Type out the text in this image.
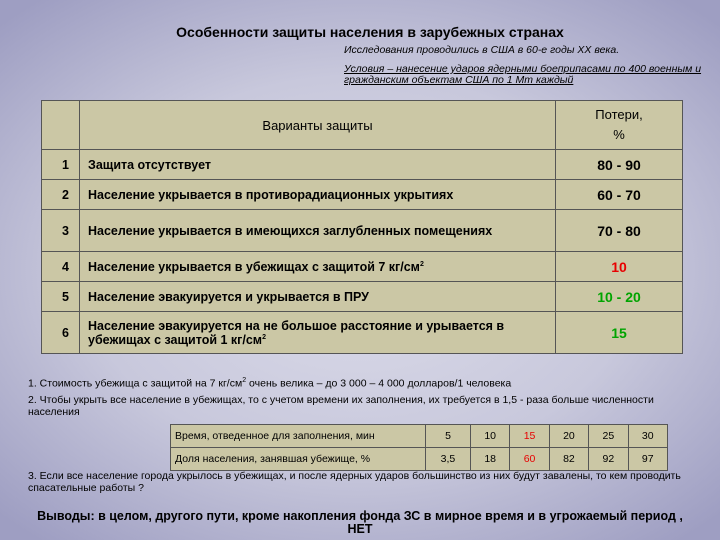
Особенности защиты населения в зарубежных странах
Исследования проводились в США в 60-е годы XX века.
Условия – нанесение ударов ядерными боеприпасами по 400 военным и гражданским объектам США по 1 Мт каждый
	Варианты защиты	Потери,
%
1	Защита отсутствует	80 - 90
2	Население укрывается в противорадиационных укрытиях	60 - 70
3	Население укрывается в имеющихся заглубленных помещениях	70 - 80
4	Население укрывается в убежищах с защитой 7 $кг/см^2$	10
5	Население эвакуируется и укрывается в ПРУ	10 - 20
6	Население эвакуируется на не большое расстояние и урывается в убежищах с защитой 1 $кг/см^2$	15
1. Стоимость убежища с защитой на 7 $кг/см^2$ очень велика – до 3 000 – 4 000 долларов/1 человека
2. Чтобы укрыть все население в убежищах, то с учетом времени их заполнения, их требуется в 1,5 - раза больше численности населения
Время, отведенное для заполнения, мин	5	10	15	20	25	30
Доля населения, занявшая убежище, %	3,5	18	60	82	92	97
3. Если все население города укрылось в убежищах, и после ядерных ударов большинство из них будут завалены, то кем проводить спасательные работы ?
Выводы: в целом, другого пути, кроме накопления фонда ЗС в мирное время и в угрожаемый период , НЕТ
